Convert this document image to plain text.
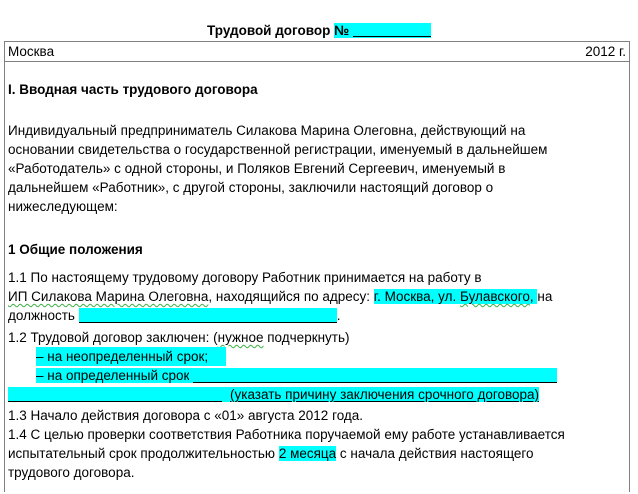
Трудовой договор №
Москва	2012 г.
I. Вводная часть трудового договора
Индивидуальный предприниматель Силакова Марина Олеговна, действующий на
основании свидетельства о государственной регистрации, именуемый в дальнейшем
«Работодатель» с одной стороны, и Поляков Евгений Сергеевич, именуемый в
дальнейшем «Работник», с другой стороны, заключили настоящий договор о
нижеследующем:
1 Общие положения
1.1 По настоящему трудовому договору Работник принимается на работу в
ИП Силакова Марина Олеговна, находящийся по адресу: г. Москва, ул. Булавского, на
должность	.
1.2 Трудовой договор заключен: (нужное подчеркнуть)
– на неопределенный срок;
– на определенный срок
(указать причину заключения срочного договора)
1.3 Начало действия договора с «01» августа 2012 года.
1.4 С целью проверки соответствия Работника поручаемой ему работе устанавливается
испытательный срок продолжительностью 2 месяца с начала действия настоящего
трудового договора.
